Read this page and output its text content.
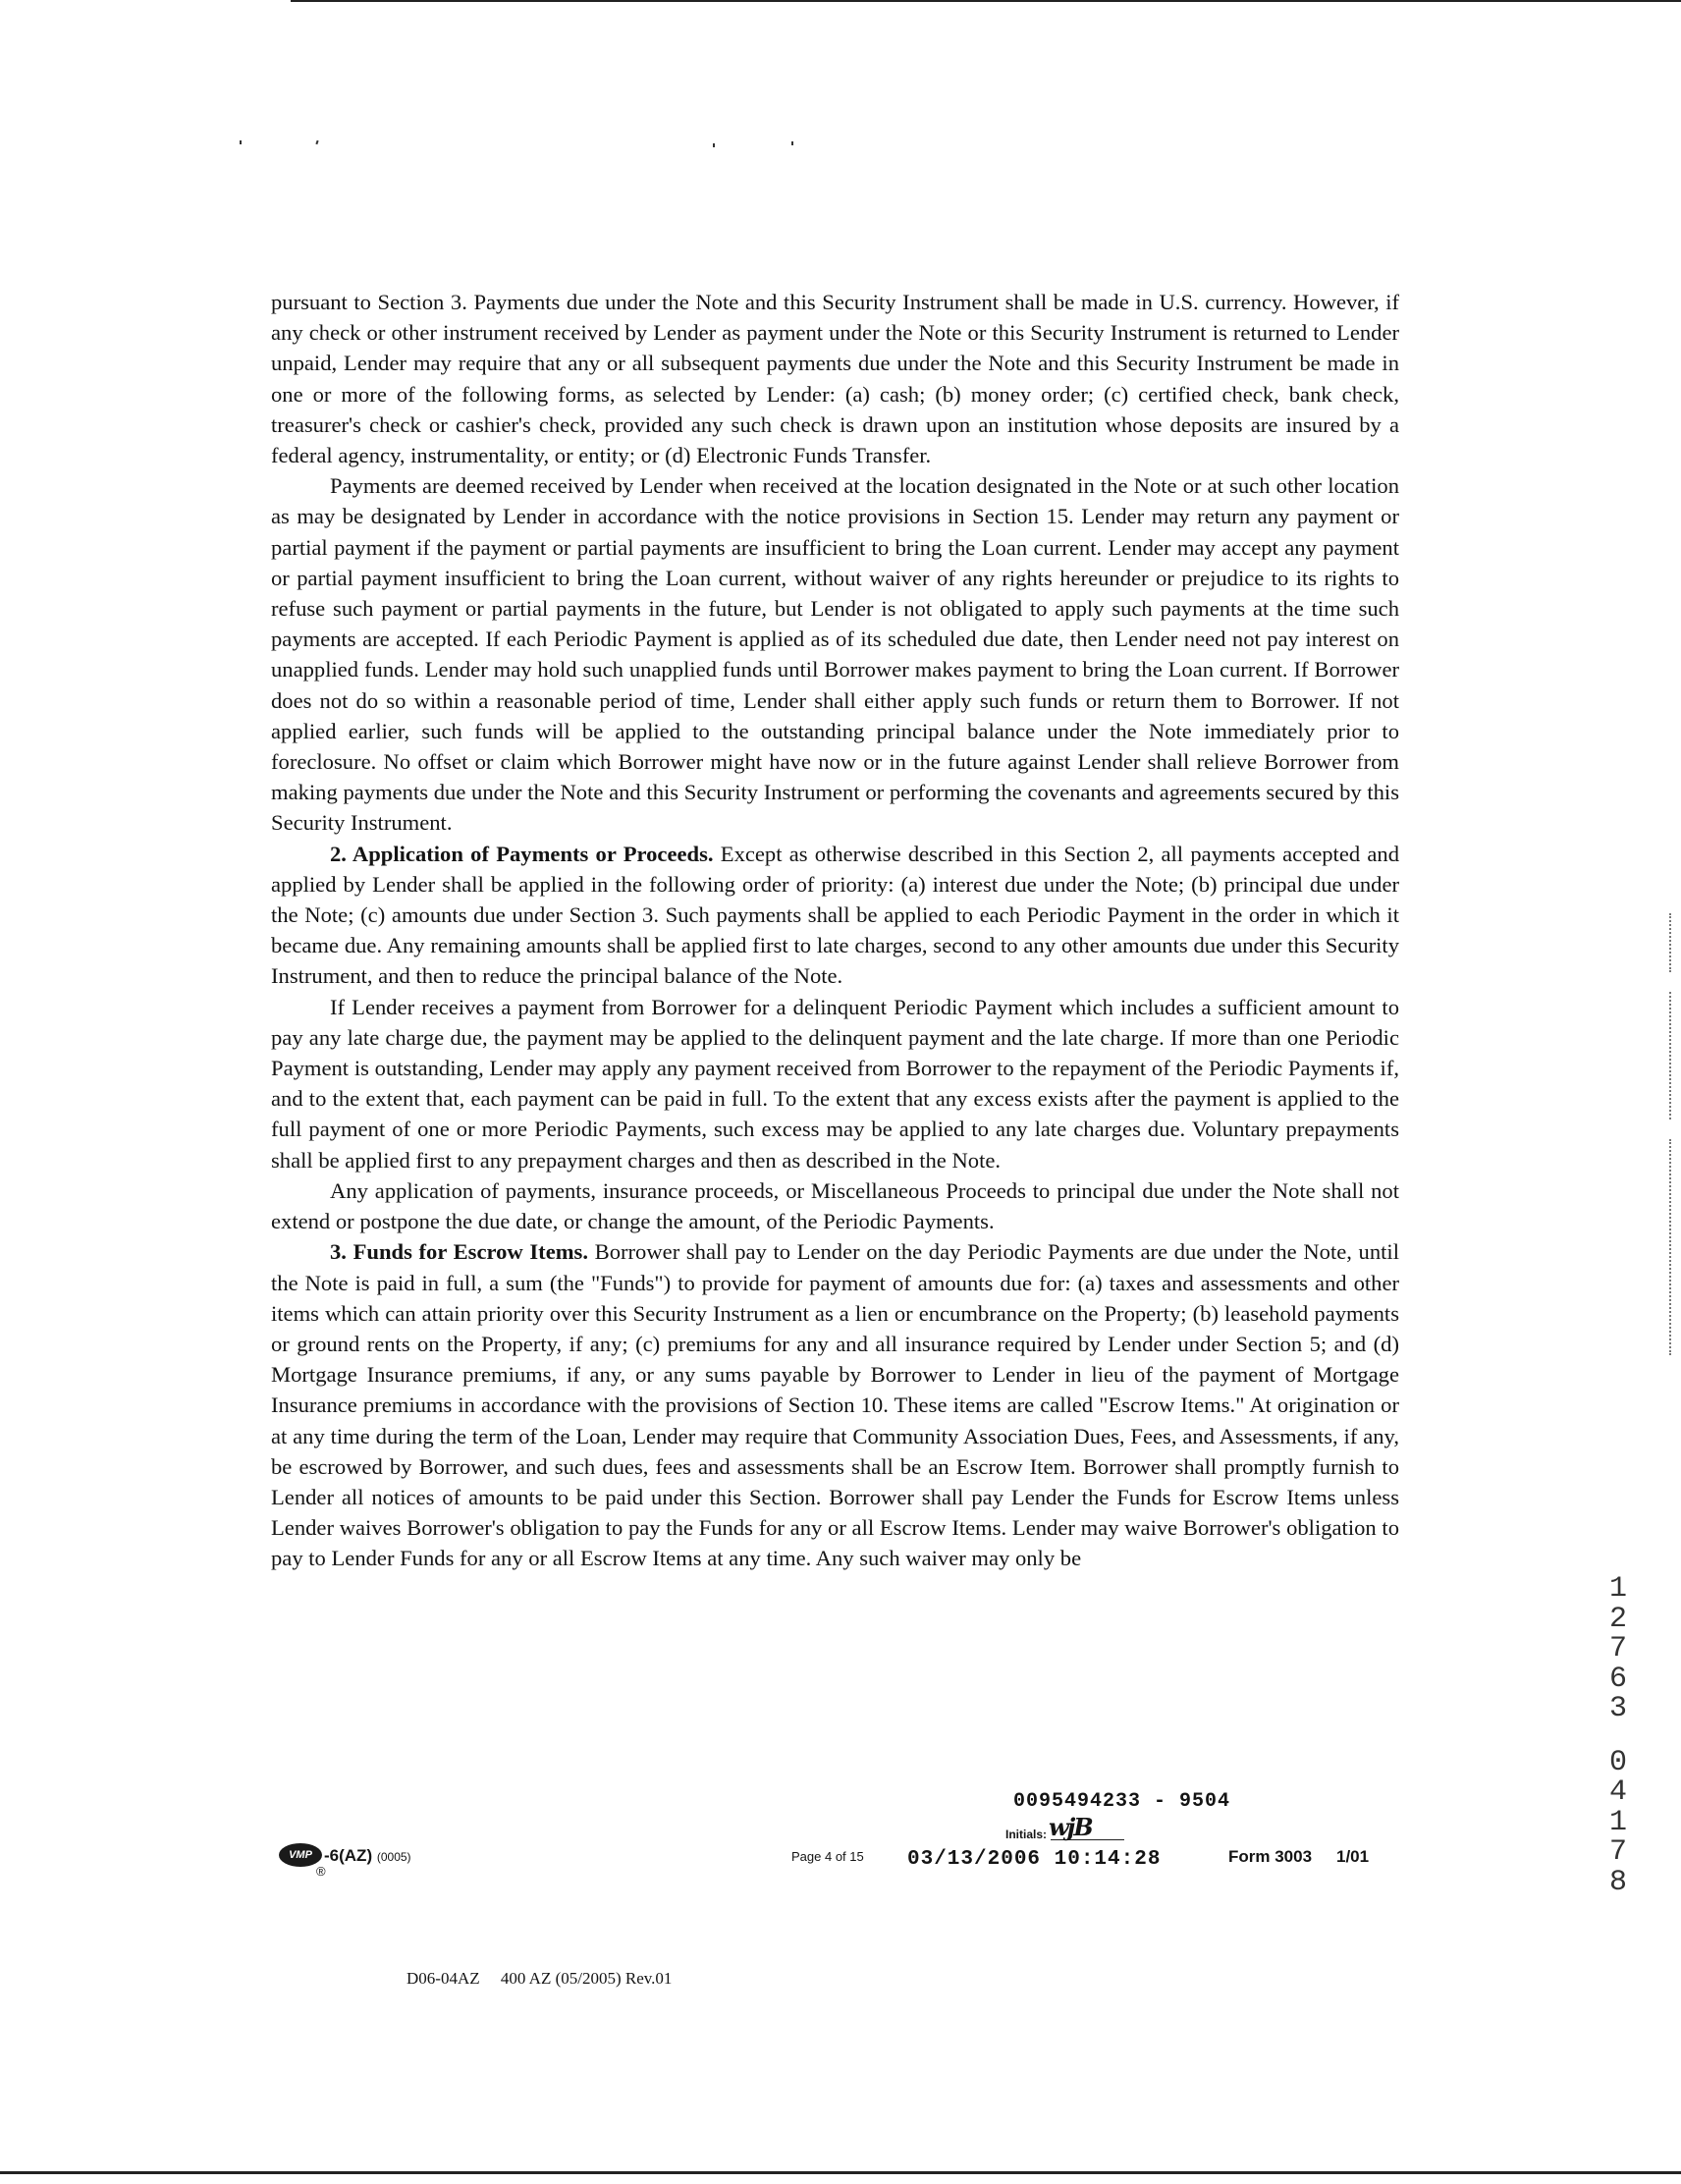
pursuant to Section 3. Payments due under the Note and this Security Instrument shall be made in U.S. currency. However, if any check or other instrument received by Lender as payment under the Note or this Security Instrument is returned to Lender unpaid, Lender may require that any or all subsequent payments due under the Note and this Security Instrument be made in one or more of the following forms, as selected by Lender: (a) cash; (b) money order; (c) certified check, bank check, treasurer's check or cashier's check, provided any such check is drawn upon an institution whose deposits are insured by a federal agency, instrumentality, or entity; or (d) Electronic Funds Transfer.

Payments are deemed received by Lender when received at the location designated in the Note or at such other location as may be designated by Lender in accordance with the notice provisions in Section 15. Lender may return any payment or partial payment if the payment or partial payments are insufficient to bring the Loan current. Lender may accept any payment or partial payment insufficient to bring the Loan current, without waiver of any rights hereunder or prejudice to its rights to refuse such payment or partial payments in the future, but Lender is not obligated to apply such payments at the time such payments are accepted. If each Periodic Payment is applied as of its scheduled due date, then Lender need not pay interest on unapplied funds. Lender may hold such unapplied funds until Borrower makes payment to bring the Loan current. If Borrower does not do so within a reasonable period of time, Lender shall either apply such funds or return them to Borrower. If not applied earlier, such funds will be applied to the outstanding principal balance under the Note immediately prior to foreclosure. No offset or claim which Borrower might have now or in the future against Lender shall relieve Borrower from making payments due under the Note and this Security Instrument or performing the covenants and agreements secured by this Security Instrument.

2. Application of Payments or Proceeds. Except as otherwise described in this Section 2, all payments accepted and applied by Lender shall be applied in the following order of priority: (a) interest due under the Note; (b) principal due under the Note; (c) amounts due under Section 3. Such payments shall be applied to each Periodic Payment in the order in which it became due. Any remaining amounts shall be applied first to late charges, second to any other amounts due under this Security Instrument, and then to reduce the principal balance of the Note.

If Lender receives a payment from Borrower for a delinquent Periodic Payment which includes a sufficient amount to pay any late charge due, the payment may be applied to the delinquent payment and the late charge. If more than one Periodic Payment is outstanding, Lender may apply any payment received from Borrower to the repayment of the Periodic Payments if, and to the extent that, each payment can be paid in full. To the extent that any excess exists after the payment is applied to the full payment of one or more Periodic Payments, such excess may be applied to any late charges due. Voluntary prepayments shall be applied first to any prepayment charges and then as described in the Note.

Any application of payments, insurance proceeds, or Miscellaneous Proceeds to principal due under the Note shall not extend or postpone the due date, or change the amount, of the Periodic Payments.

3. Funds for Escrow Items. Borrower shall pay to Lender on the day Periodic Payments are due under the Note, until the Note is paid in full, a sum (the "Funds") to provide for payment of amounts due for: (a) taxes and assessments and other items which can attain priority over this Security Instrument as a lien or encumbrance on the Property; (b) leasehold payments or ground rents on the Property, if any; (c) premiums for any and all insurance required by Lender under Section 5; and (d) Mortgage Insurance premiums, if any, or any sums payable by Borrower to Lender in lieu of the payment of Mortgage Insurance premiums in accordance with the provisions of Section 10. These items are called "Escrow Items." At origination or at any time during the term of the Loan, Lender may require that Community Association Dues, Fees, and Assessments, if any, be escrowed by Borrower, and such dues, fees and assessments shall be an Escrow Item. Borrower shall promptly furnish to Lender all notices of amounts to be paid under this Section. Borrower shall pay Lender the Funds for Escrow Items unless Lender waives Borrower's obligation to pay the Funds for any or all Escrow Items. Lender may waive Borrower's obligation to pay to Lender Funds for any or all Escrow Items at any time. Any such waiver may only be

1
2
7
6
3
0
4
1
7
8
0095494233 - 9504
Initials: wjB
VMP
®
-6(AZ) (0005)	Page 4 of 15 03/13/2006 10:14:28	Form 3003 1/01
D06-04AZ     400 AZ (05/2005) Rev.01
